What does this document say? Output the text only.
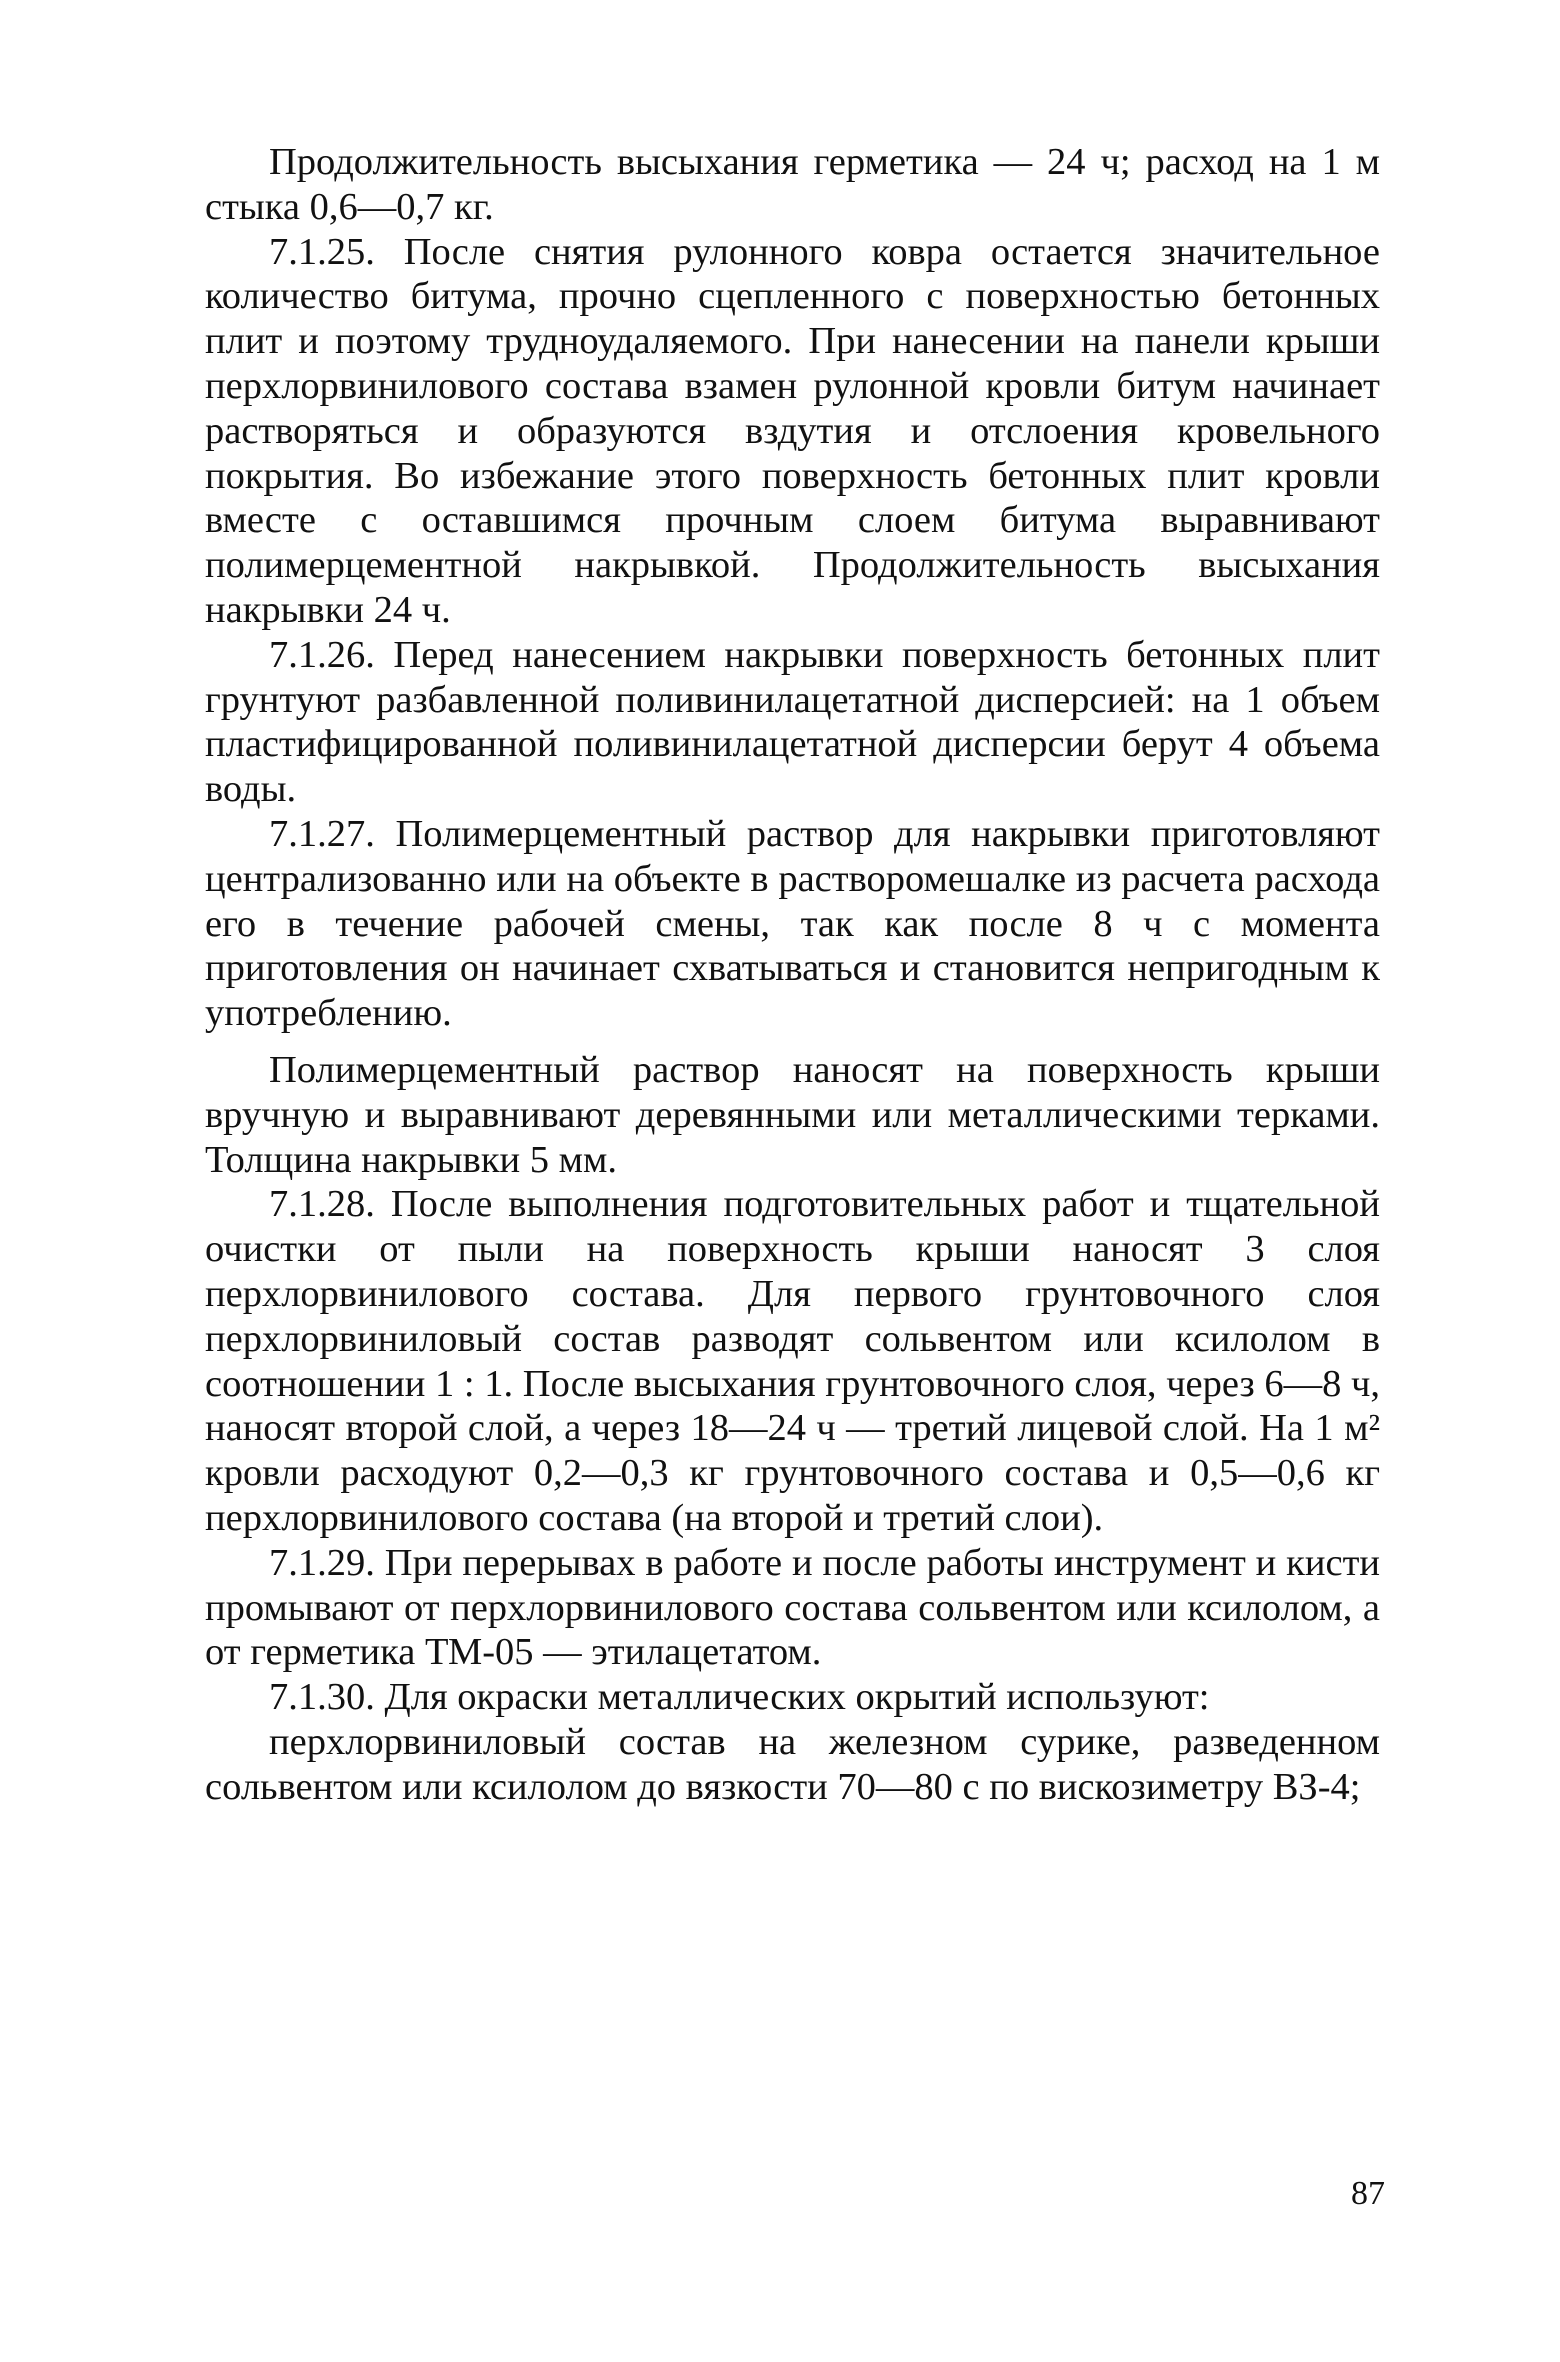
Продолжительность высыхания герметика — 24 ч; расход на 1 м стыка 0,6—0,7 кг.

7.1.25. После снятия рулонного ковра остается значительное количество битума, прочно сцепленного с поверхностью бетонных плит и поэтому трудноудаляемого. При нанесении на панели крыши перхлорвинилового состава взамен рулонной кровли битум начинает растворяться и образуются вздутия и отслоения кровельного покрытия. Во избежание этого поверхность бетонных плит кровли вместе с оставшимся прочным слоем битума выравнивают полимерцементной накрывкой. Продолжительность высыхания накрывки 24 ч.

7.1.26. Перед нанесением накрывки поверхность бетонных плит грунтуют разбавленной поливинилацетатной дисперсией: на 1 объем пластифицированной поливинилацетатной дисперсии берут 4 объема воды.

7.1.27. Полимерцементный раствор для накрывки приготовляют централизованно или на объекте в растворомешалке из расчета расхода его в течение рабочей смены, так как после 8 ч с момента приготовления он начинает схватываться и становится непригодным к употреблению.

Полимерцементный раствор наносят на поверхность крыши вручную и выравнивают деревянными или металлическими терками. Толщина накрывки 5 мм.

7.1.28. После выполнения подготовительных работ и тщательной очистки от пыли на поверхность крыши наносят 3 слоя перхлорвинилового состава. Для первого грунтовочного слоя перхлорвиниловый состав разводят сольвентом или ксилолом в соотношении 1 : 1. После высыхания грунтовочного слоя, через 6—8 ч, наносят второй слой, а через 18—24 ч — третий лицевой слой. На 1 м² кровли расходуют 0,2—0,3 кг грунтовочного состава и 0,5—0,6 кг перхлорвинилового состава (на второй и третий слои).

7.1.29. При перерывах в работе и после работы инструмент и кисти промывают от перхлорвинилового состава сольвентом или ксилолом, а от герметика ТМ-05 — этилацетатом.

7.1.30. Для окраски металлических окрытий используют:

перхлорвиниловый состав на железном сурике, разведенном сольвентом или ксилолом до вязкости 70—80 с по вискозиметру ВЗ-4;

87
